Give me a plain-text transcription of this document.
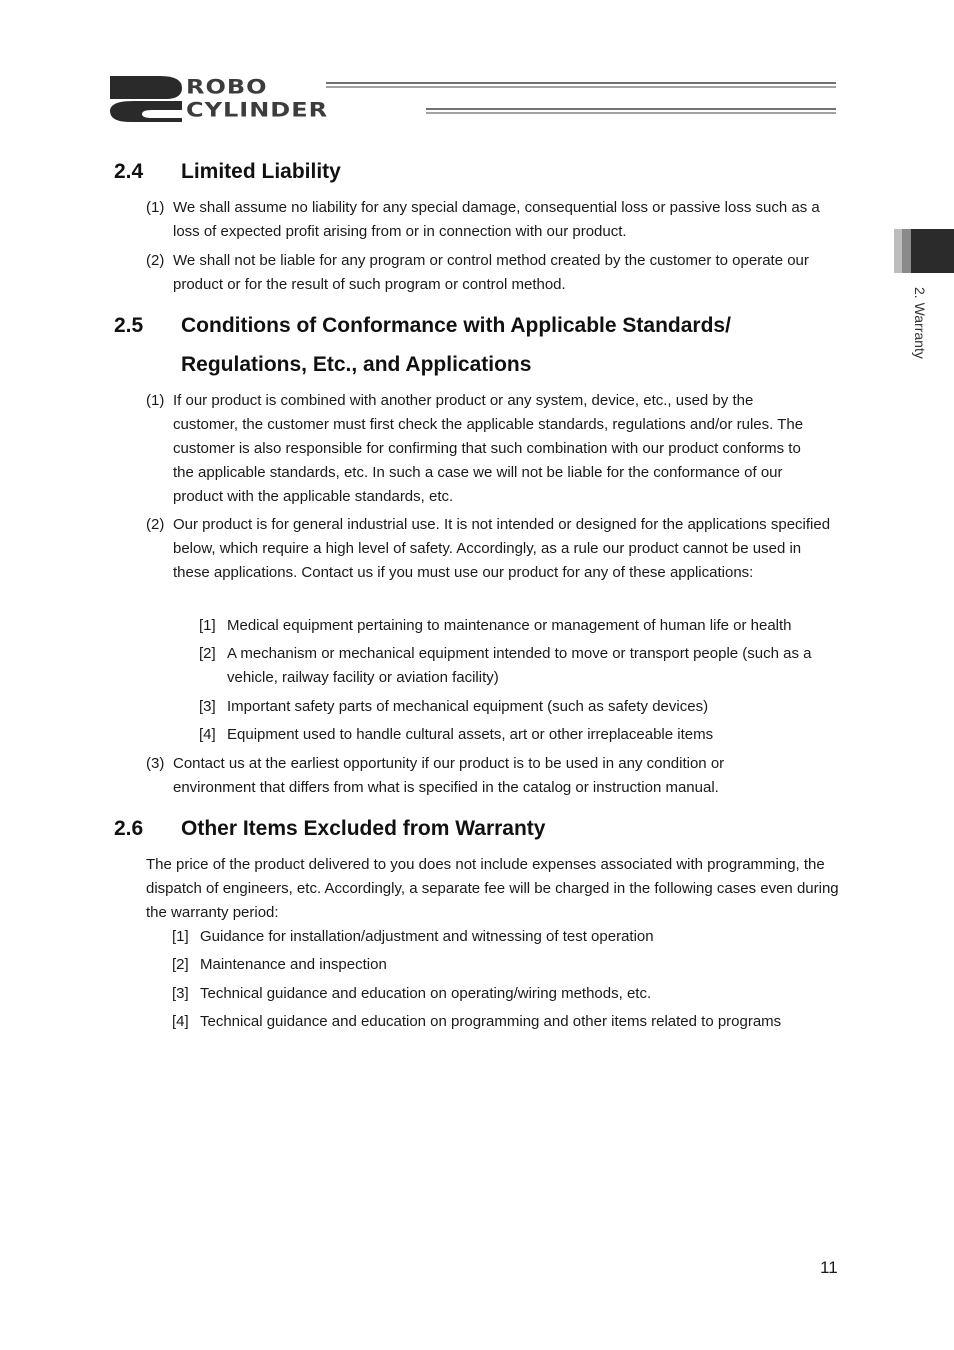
ROBO
CYLINDER
2. Warranty
2.4 Limited Liability
(1) We shall assume no liability for any special damage, consequential loss or passive loss such as a loss of expected profit arising from or in connection with our product.
(2) We shall not be liable for any program or control method created by the customer to operate our product or for the result of such program or control method.
2.5 Conditions of Conformance with Applicable Standards/ Regulations, Etc., and Applications
(1) If our product is combined with another product or any system, device, etc., used by the customer, the customer must first check the applicable standards, regulations and/or rules. The customer is also responsible for confirming that such combination with our product conforms to the applicable standards, etc. In such a case we will not be liable for the conformance of our product with the applicable standards, etc.
(2) Our product is for general industrial use. It is not intended or designed for the applications specified below, which require a high level of safety. Accordingly, as a rule our product cannot be used in these applications. Contact us if you must use our product for any of these applications:
[1] Medical equipment pertaining to maintenance or management of human life or health
[2] A mechanism or mechanical equipment intended to move or transport people (such as a vehicle, railway facility or aviation facility)
[3] Important safety parts of mechanical equipment (such as safety devices)
[4] Equipment used to handle cultural assets, art or other irreplaceable items
(3) Contact us at the earliest opportunity if our product is to be used in any condition or environment that differs from what is specified in the catalog or instruction manual.
2.6 Other Items Excluded from Warranty
The price of the product delivered to you does not include expenses associated with programming, the dispatch of engineers, etc. Accordingly, a separate fee will be charged in the following cases even during the warranty period:
[1] Guidance for installation/adjustment and witnessing of test operation
[2] Maintenance and inspection
[3] Technical guidance and education on operating/wiring methods, etc.
[4] Technical guidance and education on programming and other items related to programs
11
